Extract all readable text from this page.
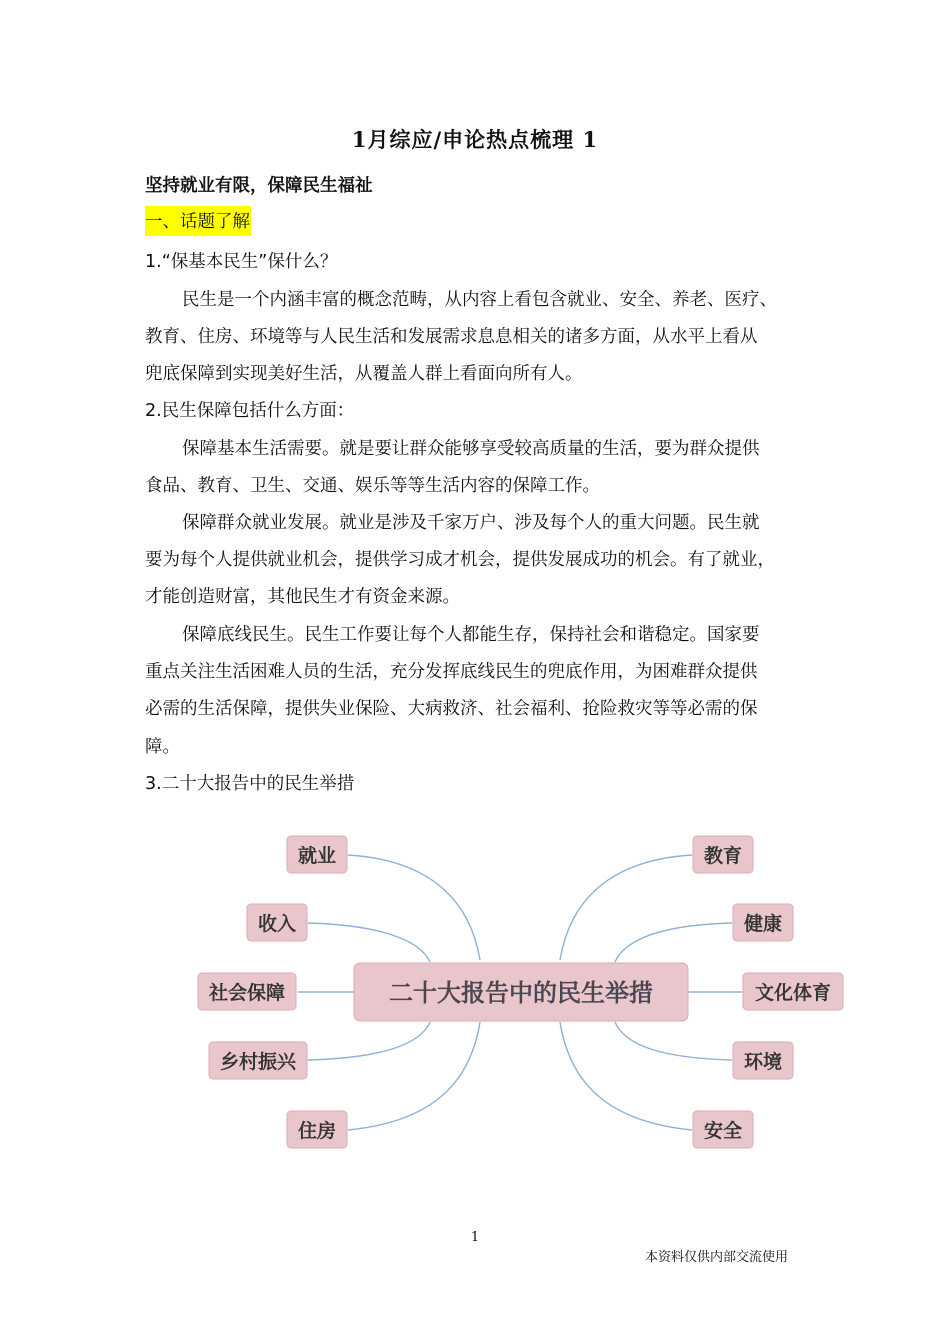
1月综应/申论热点梳理 1
坚持就业有限，保障民生福祉
一、话题了解
1.“保基本民生”保什么？
民生是一个内涵丰富的概念范畴，从内容上看包含就业、安全、养老、医疗、
教育、住房、环境等与人民生活和发展需求息息相关的诸多方面，从水平上看从
兜底保障到实现美好生活，从覆盖人群上看面向所有人。
2.民生保障包括什么方面：
保障基本生活需要。就是要让群众能够享受较高质量的生活，要为群众提供
食品、教育、卫生、交通、娱乐等等生活内容的保障工作。
保障群众就业发展。就业是涉及千家万户、涉及每个人的重大问题。民生就
要为每个人提供就业机会，提供学习成才机会，提供发展成功的机会。有了就业，
才能创造财富，其他民生才有资金来源。
保障底线民生。民生工作要让每个人都能生存，保持社会和谐稳定。国家要
重点关注生活困难人员的生活，充分发挥底线民生的兜底作用，为困难群众提供
必需的生活保障，提供失业保险、大病救济、社会福利、抢险救灾等等必需的保
障。
3.二十大报告中的民生举措
二十大报告中的民生举措
就业
收入
社会保障
乡村振兴
住房
教育
健康
文化体育
环境
安全
1
本资料仅供内部交流使用
